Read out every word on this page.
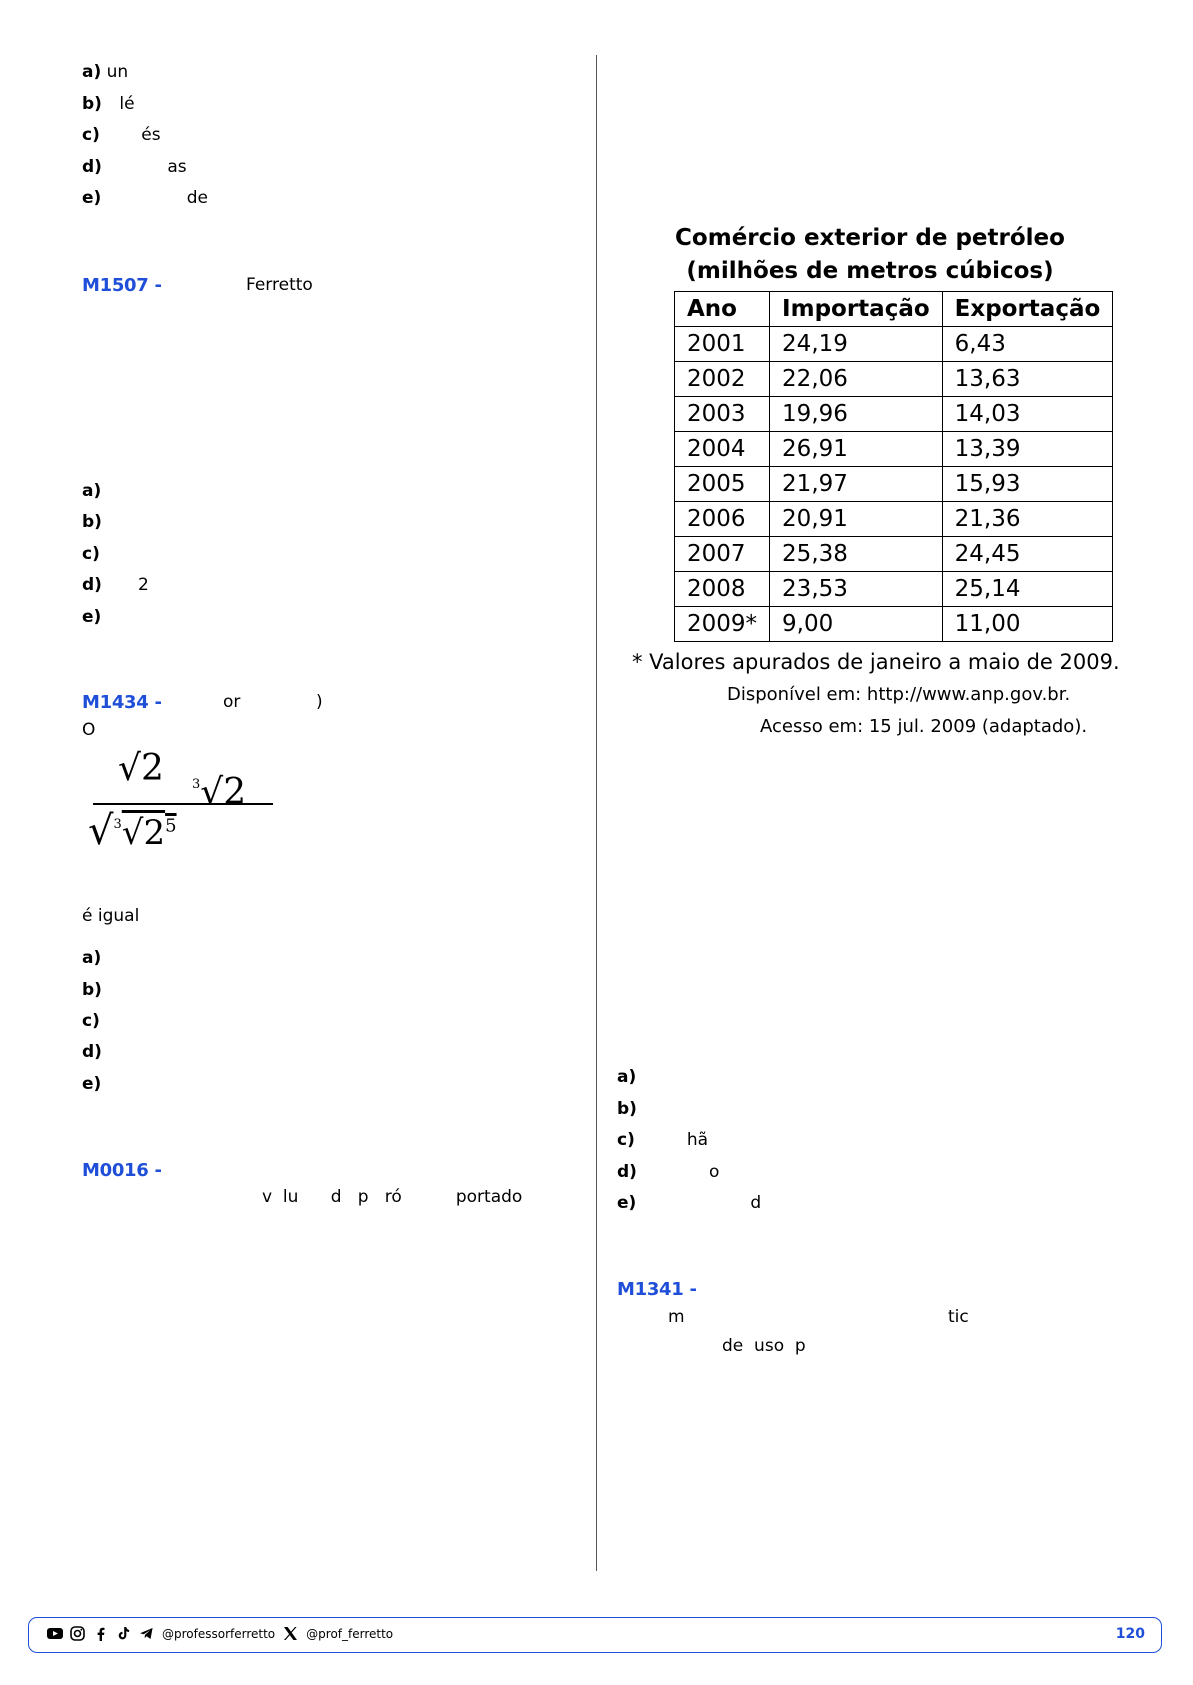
a) un
b) lé
c) és
d)	as
e)	de
M1507 -	Ferretto
a)
b)
c)
d) 2
e)
M1434 -	or	)
O
√2
$√^3√2^5$
$^3$√2
é igual
a)
b)
c)
d)
e)
M0016 -
v  lu      d   p   ró          portado
Comércio exterior de petróleo
(milhões de metros cúbicos)
Ano	Importação	Exportação
2001	24,19	6,43
2002	22,06	13,63
2003	19,96	14,03
2004	26,91	13,39
2005	21,97	15,93
2006	20,91	21,36
2007	25,38	24,45
2008	23,53	25,14
2009*	9,00	11,00
* Valores apurados de janeiro a maio de 2009.
Disponível em: http://www.anp.gov.br.
Acesso em: 15 jul. 2009 (adaptado).
a)
b)
c)	hã
d)	o
e)	d
M1341 -
m	tic
de  uso  p
@professorferretto	@prof_ferretto	120
